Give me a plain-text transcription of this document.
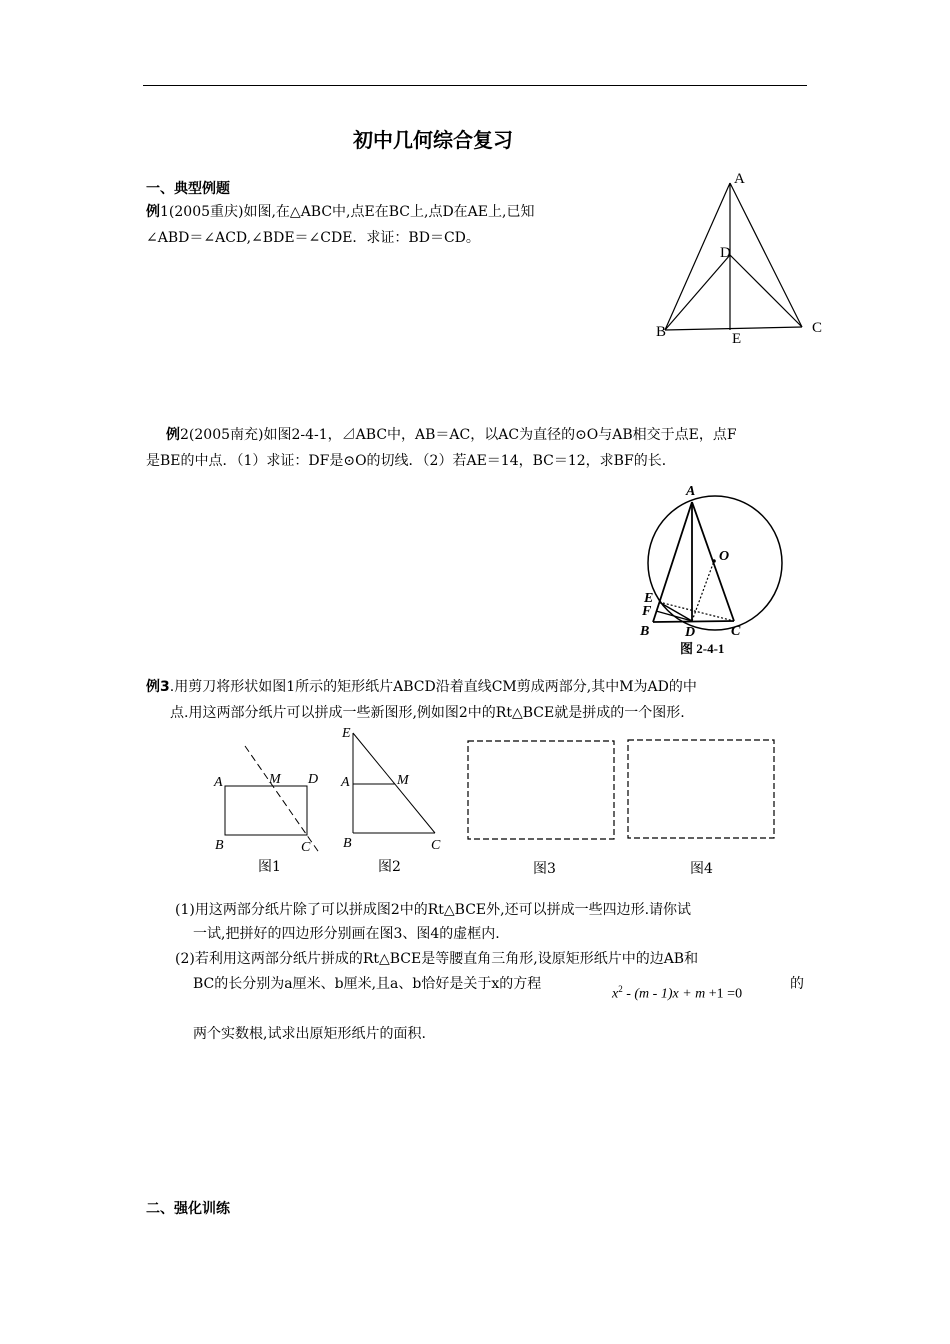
初中几何综合复习
一、典型例题
例1(2005重庆)如图,在△ABC中,点E在BC上,点D在AE上,已知
∠ABD＝∠ACD,∠BDE＝∠CDE．求证：BD＝CD。
A
D
B	E
C
例2(2005南充)如图2-4-1，⊿ABC中，AB＝AC，以AC为直径的⊙O与AB相交于点E，点F
是BE的中点．（1）求证：DF是⊙O的切线．（2）若AE＝14，BC＝12，求BF的长．
A
O
E
F
B	D	C
图 2-4-1
例3.用剪刀将形状如图1所示的矩形纸片ABCD沿着直线CM剪成两部分,其中M为AD的中
点.用这两部分纸片可以拼成一些新图形,例如图2中的Rt△BCE就是拼成的一个图形.
A	M D
B	C
E
A	M
B	C
图1	图2	图3	图4
(1)用这两部分纸片除了可以拼成图2中的Rt△BCE外,还可以拼成一些四边形.请你试
一试,把拼好的四边形分别画在图3、图4的虚框内.
(2)若利用这两部分纸片拼成的Rt△BCE是等腰直角三角形,设原矩形纸片中的边AB和
BC的长分别为a厘米、b厘米,且a、b恰好是关于x的方程
$x^2 - (m - 1)x + m +1 =0$
的
两个实数根,试求出原矩形纸片的面积.
二、强化训练
